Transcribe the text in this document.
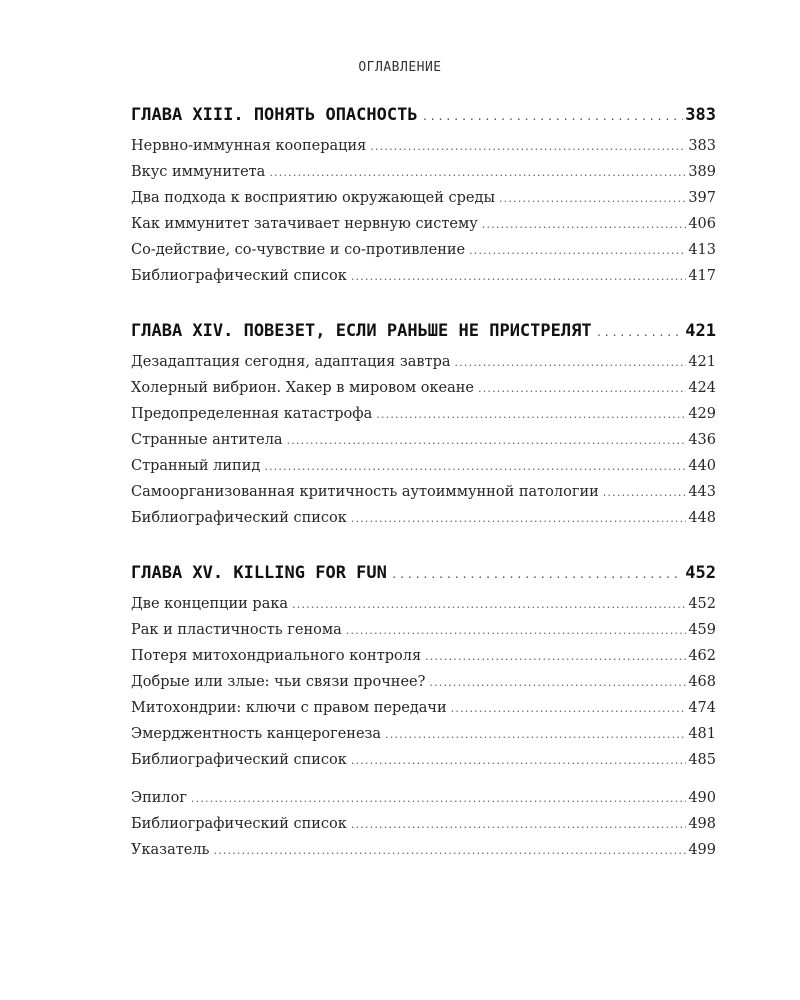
ОГЛАВЛЕНИЕ
ГЛАВА XIII. ПОНЯТЬ ОПАСНОСТЬ .....	383
Нервно-иммунная кооперация .....	383
Вкус иммунитета .....	389
Два подхода к восприятию окружающей среды .....	397
Как иммунитет затачивает нервную систему .....	406
Со-действие, со-чувствие и со-противление .....	413
Библиографический список .....	417
ГЛАВА XIV. ПОВЕЗЕТ, ЕСЛИ РАНЬШЕ НЕ ПРИСТРЕЛЯТ .....	421
Дезадаптация сегодня, адаптация завтра .....	421
Холерный вибрион. Хакер в мировом океане .....	424
Предопределенная катастрофа .....	429
Странные антитела .....	436
Странный липид .....	440
Самоорганизованная критичность аутоиммунной патологии .....	443
Библиографический список .....	448
ГЛАВА XV. KILLING FOR FUN .....	452
Две концепции рака .....	452
Рак и пластичность генома .....	459
Потеря митохондриального контроля .....	462
Добрые или злые: чьи связи прочнее? .....	468
Митохондрии: ключи с правом передачи .....	474
Эмерджентность канцерогенеза .....	481
Библиографический список .....	485
Эпилог .....	490
Библиографический список .....	498
Указатель .....	499
